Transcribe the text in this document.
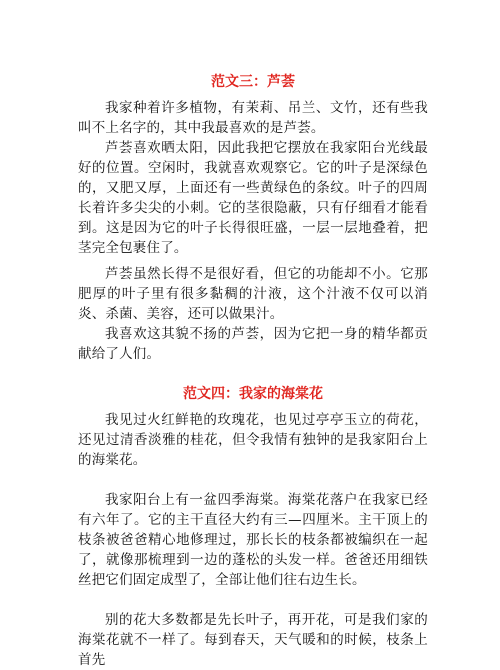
范文三：芦荟

我家种着许多植物，有茉莉、吊兰、文竹，还有些我叫不上名字的，其中我最喜欢的是芦荟。

芦荟喜欢晒太阳，因此我把它摆放在我家阳台光线最好的位置。空闲时，我就喜欢观察它。它的叶子是深绿色的，又肥又厚，上面还有一些黄绿色的条纹。叶子的四周长着许多尖尖的小刺。它的茎很隐蔽，只有仔细看才能看到。这是因为它的叶子长得很旺盛，一层一层地叠着，把茎完全包裹住了。

芦荟虽然长得不是很好看，但它的功能却不小。它那肥厚的叶子里有很多黏稠的汁液，这个汁液不仅可以消炎、杀菌、美容，还可以做果汁。

我喜欢这其貌不扬的芦荟，因为它把一身的精华都贡献给了人们。

范文四：我家的海棠花

我见过火红鲜艳的玫瑰花，也见过亭亭玉立的荷花，还见过清香淡雅的桂花，但令我情有独钟的是我家阳台上的海棠花。

我家阳台上有一盆四季海棠。海棠花落户在我家已经有六年了。它的主干直径大约有三—四厘米。主干顶上的枝条被爸爸精心地修理过，那长长的枝条都被编织在一起了，就像那梳理到一边的蓬松的头发一样。爸爸还用细铁丝把它们固定成型了，全部让他们往右边生长。

别的花大多数都是先长叶子，再开花，可是我们家的海棠花就不一样了。每到春天，天气暖和的时候，枝条上首先
